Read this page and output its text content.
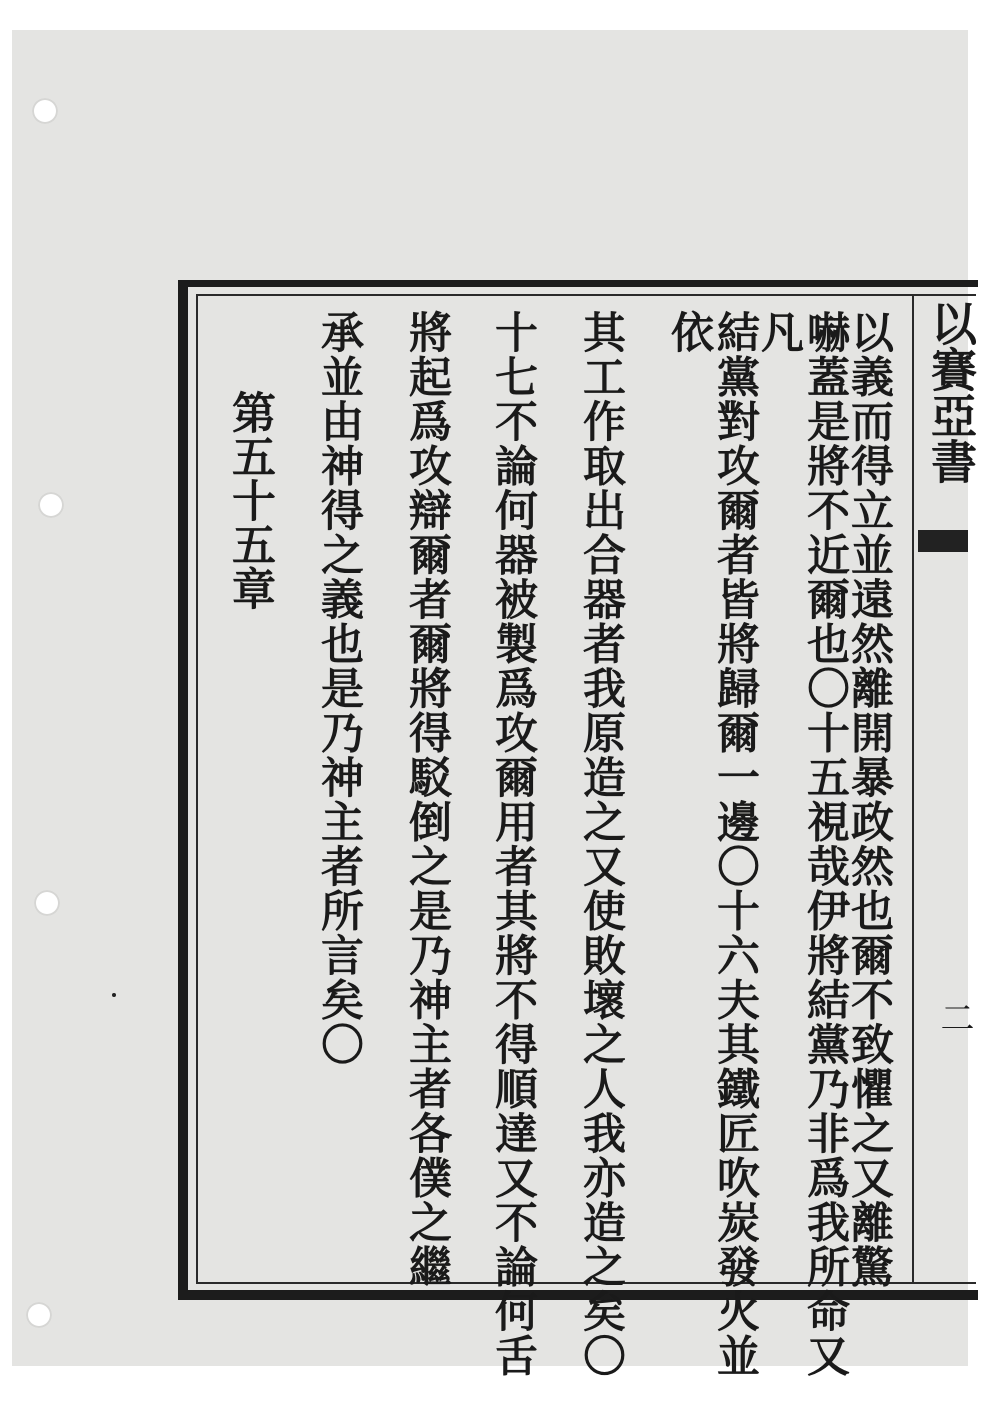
以賽亞書
二
以義而得立並遠然離開暴政然也爾不致懼之又離驚
嚇蓋是將不近爾也〇十五視哉伊將結黨乃非爲我所命又凡
結黨對攻爾者皆將歸爾一邊〇十六夫其鐵匠吹炭發火並依
其工作取出合器者我原造之又使敗壞之人我亦造之矣〇
十七不論何器被製爲攻爾用者其將不得順達又不論何舌
將起爲攻辯爾者爾將得駁倒之是乃神主者各僕之繼
承並由神得之義也是乃神主者所言矣〇
第五十五章
